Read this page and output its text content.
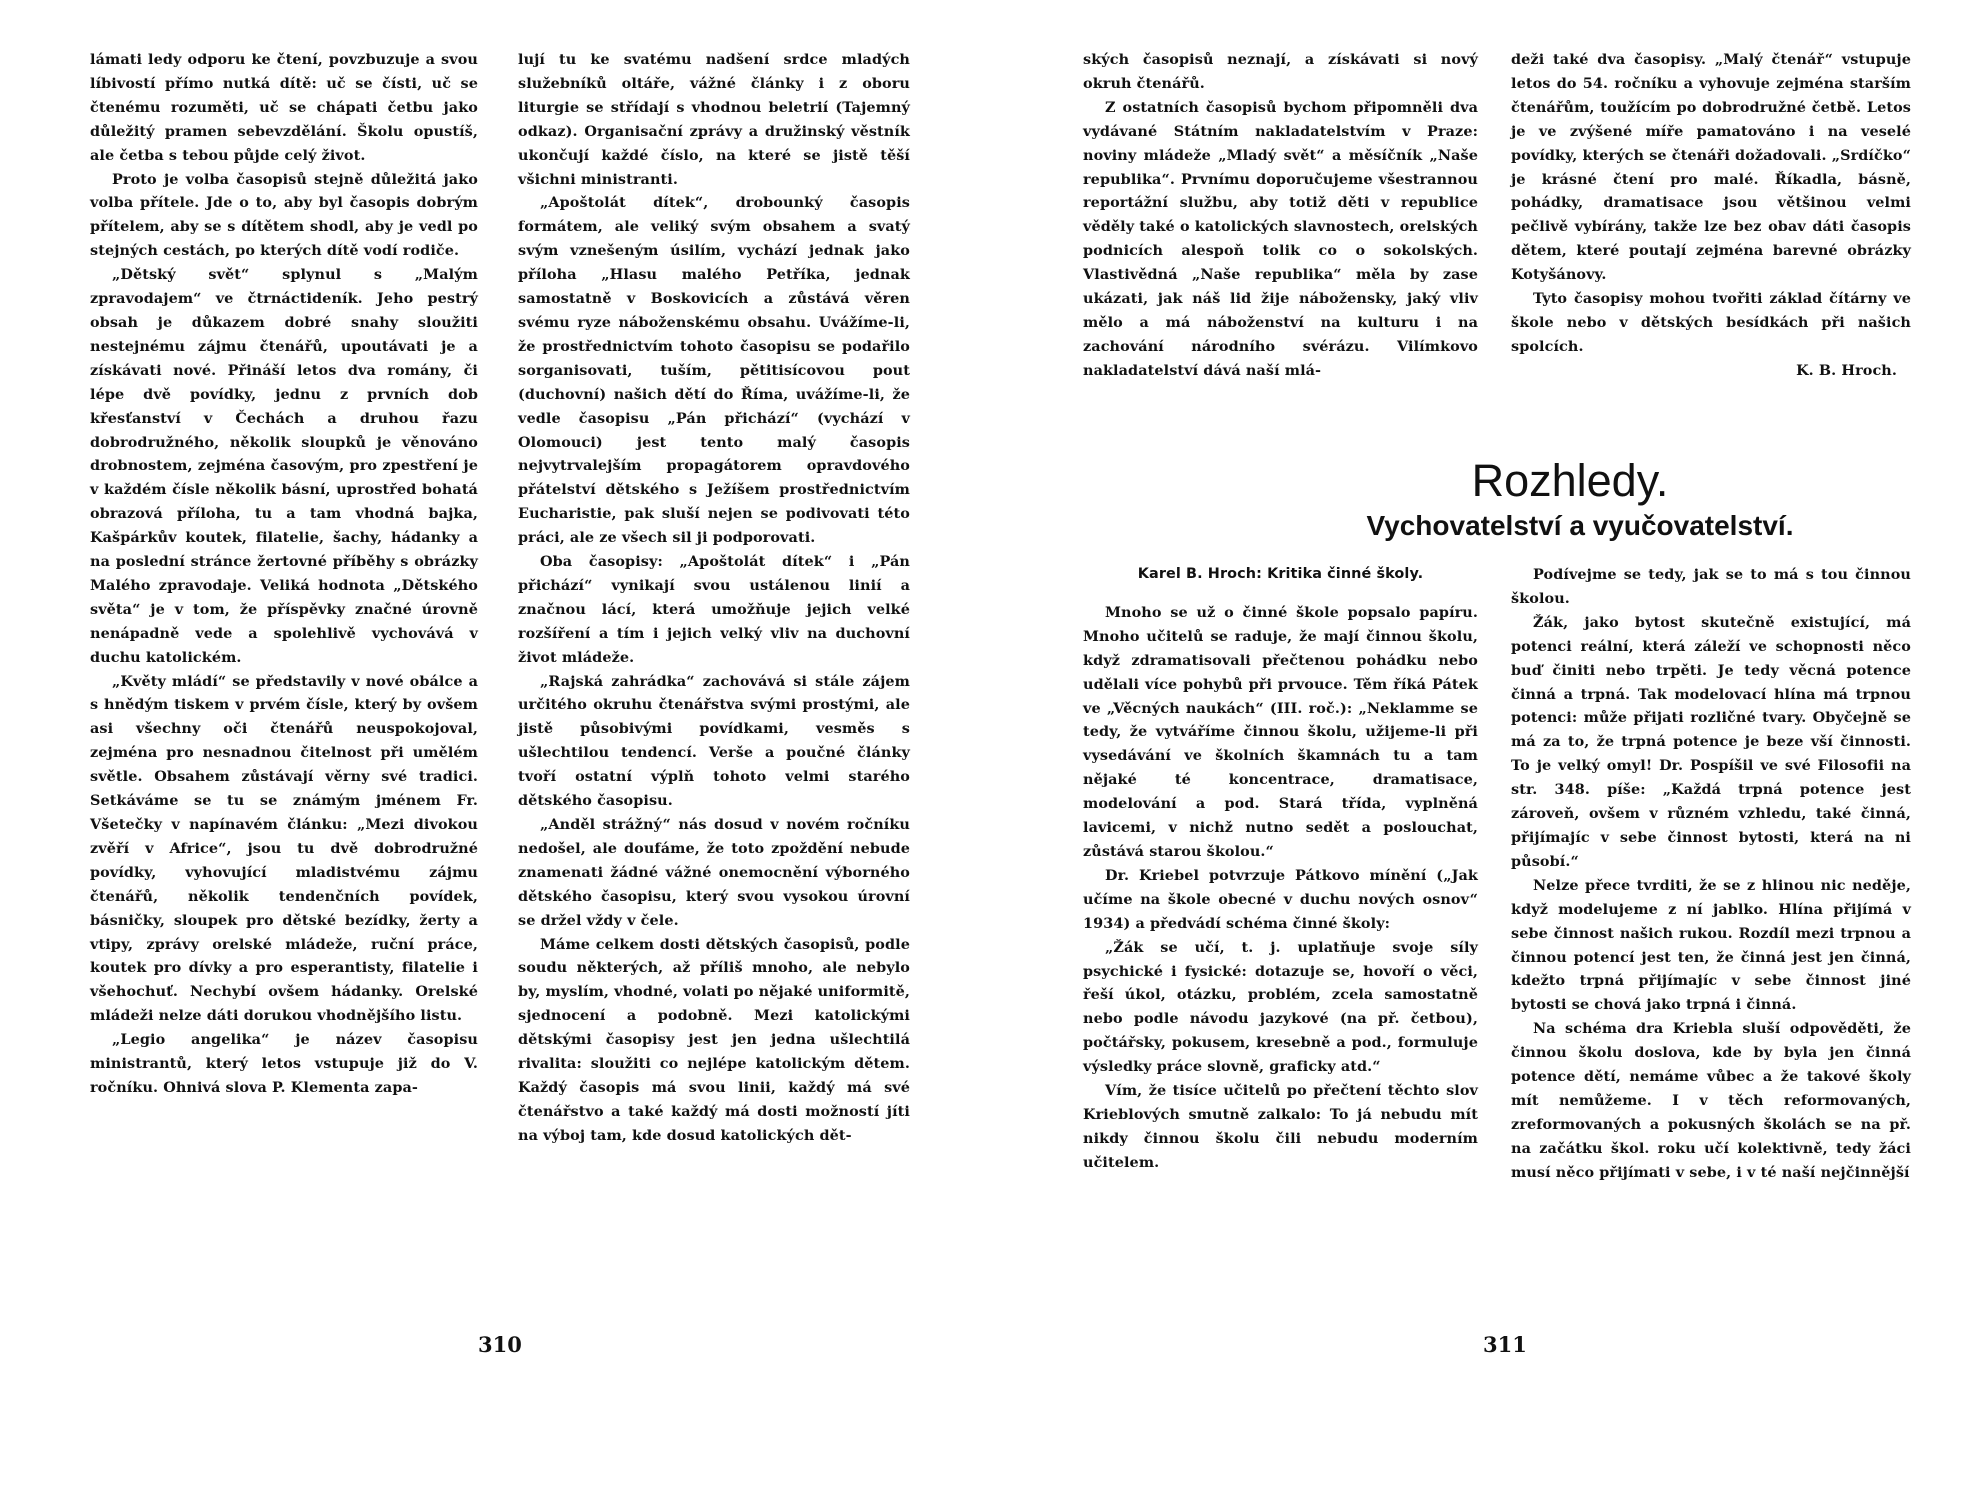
lámati ledy odporu ke čtení, povzbuzuje a svou líbivostí přímo nutká dítě: uč se čísti, uč se čtenému rozuměti, uč se chápati četbu jako důležitý pramen sebevzdělání. Školu opustíš, ale četba s tebou půjde celý život.

Proto je volba časopisů stejně důležitá jako volba přítele. Jde o to, aby byl časopis dobrým přítelem, aby se s dítětem shodl, aby je vedl po stejných cestách, po kterých dítě vodí rodiče.

„Dětský svět“ splynul s „Malým zpravodajem“ ve čtrnáctideník. Jeho pestrý obsah je důkazem dobré snahy sloužiti nestejnému zájmu čtenářů, upoutávati je a získávati nové. Přináší letos dva romány, či lépe dvě povídky, jednu z prvních dob křesťanství v Čechách a druhou řazu dobrodružného, několik sloupků je věnováno drobnostem, zejména časovým, pro zpestření je v každém čísle několik básní, uprostřed bohatá obrazová příloha, tu a tam vhodná bajka, Kašpárkův koutek, filatelie, šachy, hádanky a na poslední stránce žertovné příběhy s obrázky Malého zpravodaje. Veliká hodnota „Dětského světa“ je v tom, že příspěvky značné úrovně nenápadně vede a spolehlivě vychovává v duchu katolickém.

„Květy mládí“ se představily v nové obálce a s hnědým tiskem v prvém čísle, který by ovšem asi všechny oči čtenářů neuspokojoval, zejména pro nesnadnou čitelnost při umělém světle. Obsahem zůstávají věrny své tradici. Setkáváme se tu se známým jménem Fr. Všetečky v napínavém článku: „Mezi divokou zvěří v Africe“, jsou tu dvě dobrodružné povídky, vyhovující mladistvému zájmu čtenářů, několik tendenčních povídek, básničky, sloupek pro dětské bezídky, žerty a vtipy, zprávy orelské mládeže, ruční práce, koutek pro dívky a pro esperantisty, filatelie i všehochuť. Nechybí ovšem hádanky. Orelské mládeži nelze dáti dorukou vhodnějšího listu.

„Legio angelika“ je název časopisu ministrantů, který letos vstupuje již do V. ročníku. Ohnivá slova P. Klementa zapa-

lují tu ke svatému nadšení srdce mladých služebníků oltáře, vážné články i z oboru liturgie se střídají s vhodnou beletrií (Tajemný odkaz). Organisační zprávy a družinský věstník ukončují každé číslo, na které se jistě těší všichni ministranti.

„Apoštolát dítek“, drobounký časopis formátem, ale veliký svým obsahem a svatý svým vznešeným úsilím, vychází jednak jako příloha „Hlasu malého Petříka, jednak samostatně v Boskovicích a zůstává věren svému ryze náboženskému obsahu. Uvážíme-li, že prostřednictvím tohoto časopisu se podařilo sorganisovati, tuším, pětitisícovou pout (duchovní) našich dětí do Říma, uvážíme-li, že vedle časopisu „Pán přichází“ (vychází v Olomouci) jest tento malý časopis nejvytrvalejším propagátorem opravdového přátelství dětského s Ježíšem prostřednictvím Eucharistie, pak sluší nejen se podivovati této práci, ale ze všech sil ji podporovati.

Oba časopisy: „Apoštolát dítek“ i „Pán přichází“ vynikají svou ustálenou linií a značnou lácí, která umožňuje jejich velké rozšíření a tím i jejich velký vliv na duchovní život mládeže.

„Rajská zahrádka“ zachovává si stále zájem určitého okruhu čtenářstva svými prostými, ale jistě působivými povídkami, vesměs s ušlechtilou tendencí. Verše a poučné články tvoří ostatní výplň tohoto velmi starého dětského časopisu.

„Anděl strážný“ nás dosud v novém ročníku nedošel, ale doufáme, že toto zpoždění nebude znamenati žádné vážné onemocnění výborného dětského časopisu, který svou vysokou úrovní se držel vždy v čele.

Máme celkem dosti dětských časopisů, podle soudu některých, až příliš mnoho, ale nebylo by, myslím, vhodné, volati po nějaké uniformitě, sjednocení a podobně. Mezi katolickými dětskými časopisy jest jen jedna ušlechtilá rivalita: sloužiti co nejlépe katolickým dětem. Každý časopis má svou linii, každý má své čtenářstvo a také každý má dosti možností jíti na výboj tam, kde dosud katolických dět-

310

ských časopisů neznají, a získávati si nový okruh čtenářů.

Z ostatních časopisů bychom připomněli dva vydávané Státním nakladatelstvím v Praze: noviny mládeže „Mladý svět“ a měsíčník „Naše republika“. Prvnímu doporučujeme všestrannou reportážní službu, aby totiž děti v republice věděly také o katolických slavnostech, orelských podnicích alespoň tolik co o sokolských. Vlastivědná „Naše republika“ měla by zase ukázati, jak náš lid žije nábožensky, jaký vliv mělo a má náboženství na kulturu i na zachování národního svérázu. Vilímkovo nakladatelství dává naší mlá-

deži také dva časopisy. „Malý čtenář“ vstupuje letos do 54. ročníku a vyhovuje zejména starším čtenářům, toužícím po dobrodružné četbě. Letos je ve zvýšené míře pamatováno i na veselé povídky, kterých se čtenáři dožadovali. „Srdíčko“ je krásné čtení pro malé. Říkadla, básně, pohádky, dramatisace jsou většinou velmi pečlivě vybírány, takže lze bez obav dáti časopis dětem, které poutají zejména barevné obrázky Kotyšánovy.

Tyto časopisy mohou tvořiti základ čítárny ve škole nebo v dětských besídkách při našich spolcích.

K. B. Hroch.

Karel B. Hroch: Kritika činné školy.

Mnoho se už o činné škole popsalo papíru. Mnoho učitelů se raduje, že mají činnou školu, když zdramatisovali přečtenou pohádku nebo udělali více pohybů při prvouce. Těm říká Pátek ve „Věcných naukách“ (III. roč.): „Neklamme se tedy, že vytváříme činnou školu, užijeme-li při vysedávání ve školních škamnách tu a tam nějaké té koncentrace, dramatisace, modelování a pod. Stará třída, vyplněná lavicemi, v nichž nutno sedět a poslouchat, zůstává starou školou.“

Dr. Kriebel potvrzuje Pátkovo mínění („Jak učíme na škole obecné v duchu nových osnov“ 1934) a předvádí schéma činné školy:

„Žák se učí, t. j. uplatňuje svoje síly psychické i fysické: dotazuje se, hovoří o věci, řeší úkol, otázku, problém, zcela samostatně nebo podle návodu jazykové (na př. četbou), počtářsky, pokusem, kresebně a pod., formuluje výsledky práce slovně, graficky atd.“

Vím, že tisíce učitelů po přečtení těchto slov Krieblových smutně zalkalo: To já nebudu mít nikdy činnou školu čili nebudu moderním učitelem.

Podívejme se tedy, jak se to má s tou činnou školou.

Žák, jako bytost skutečně existující, má potenci reální, která záleží ve schopnosti něco buď činiti nebo trpěti. Je tedy věcná potence činná a trpná. Tak modelovací hlína má trpnou potenci: může přijati rozličné tvary. Obyčejně se má za to, že trpná potence je beze vší činnosti. To je velký omyl! Dr. Pospíšil ve své Filosofii na str. 348. píše: „Každá trpná potence jest zároveň, ovšem v různém vzhledu, také činná, přijímajíc v sebe činnost bytosti, která na ni působí.“

Nelze přece tvrditi, že se z hlinou nic neděje, když modelujeme z ní jablko. Hlína přijímá v sebe činnost našich rukou. Rozdíl mezi trpnou a činnou potencí jest ten, že činná jest jen činná, kdežto trpná přijímajíc v sebe činnost jiné bytosti se chová jako trpná i činná.

Na schéma dra Kriebla sluší odpověděti, že činnou školu doslova, kde by byla jen činná potence dětí, nemáme vůbec a že takové školy mít nemůžeme. I v těch reformovaných, zreformovaných a pokusných školách se na př. na začátku škol. roku učí kolektivně, tedy žáci musí něco přijímati v sebe, i v té naší nejčinnější

311
Rozhledy.
Vychovatelství a vyučovatelství.
